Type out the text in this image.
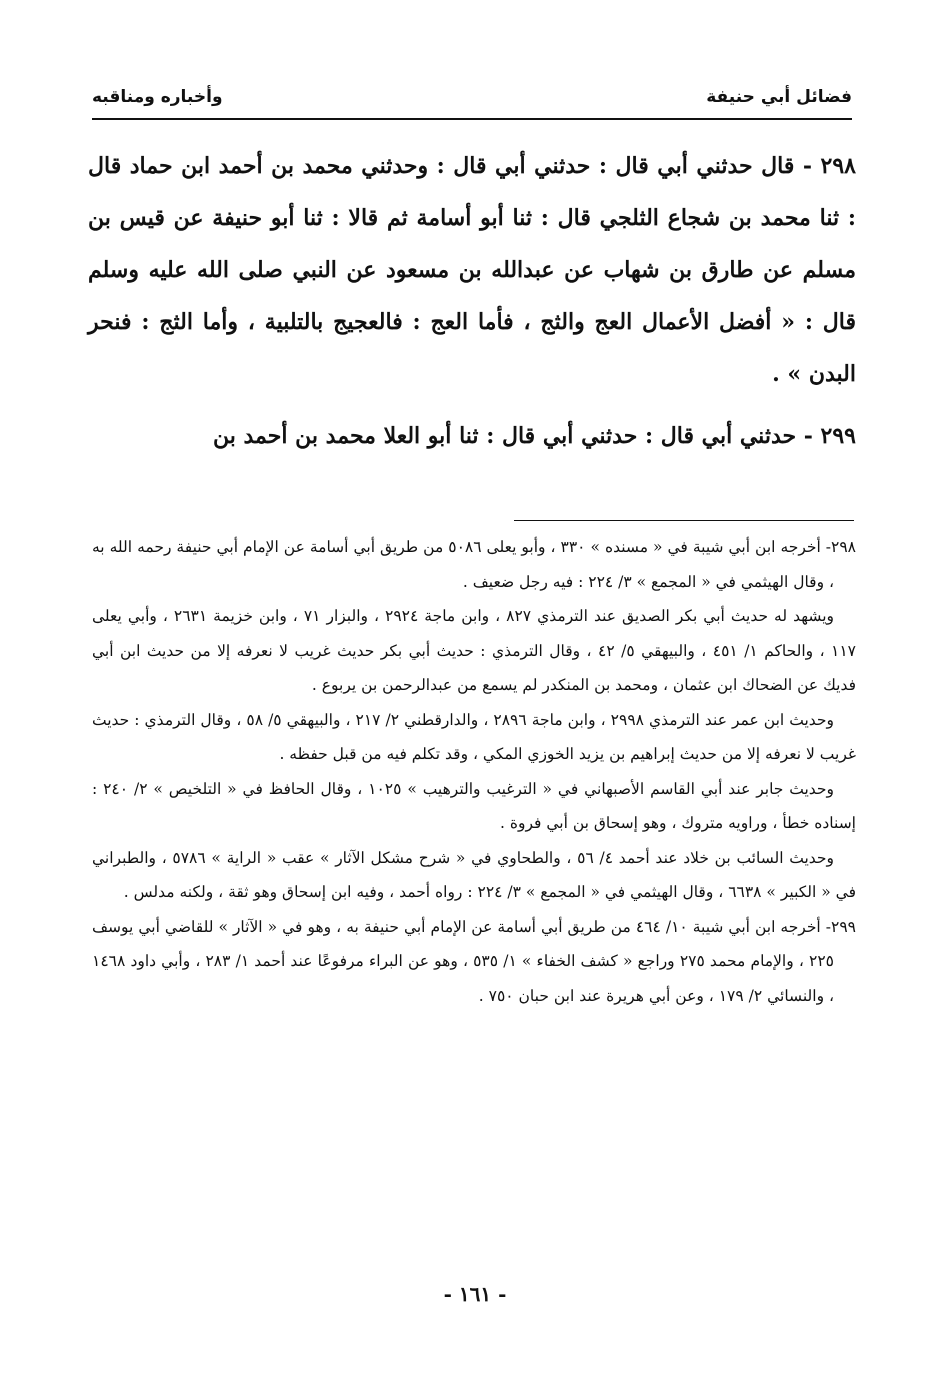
فضائل أبي حنيفة
وأخباره ومناقبه

٢٩٨ - قال حدثني أبي قال : حدثني أبي قال : وحدثني محمد بن أحمد ابن حماد قال : ثنا محمد بن شجاع الثلجي قال : ثنا أبو أسامة ثم قالا : ثنا أبو حنيفة عن قيس بن مسلم عن طارق بن شهاب عن عبدالله بن مسعود عن النبي صلى الله عليه وسلم قال : « أفضل الأعمال العج والثج ، فأما العج : فالعجيج بالتلبية ، وأما الثج : فنحر البدن » .

٢٩٩ - حدثني أبي قال : حدثني أبي قال : ثنا أبو العلا محمد بن أحمد بن

٢٩٨- أخرجه ابن أبي شيبة في « مسنده » ٣٣٠ ، وأبو يعلى ٥٠٨٦ من طريق أبي أسامة عن الإمام أبي حنيفة رحمه الله به ، وقال الهيثمي في « المجمع » ٣/ ٢٢٤ : فيه رجل ضعيف .

ويشهد له حديث أبي بكر الصديق عند الترمذي ٨٢٧ ، وابن ماجة ٢٩٢٤ ، والبزار ٧١ ، وابن خزيمة ٢٦٣١ ، وأبي يعلى ١١٧ ، والحاكم ١/ ٤٥١ ، والبيهقي ٥/ ٤٢ ، وقال الترمذي : حديث أبي بكر حديث غريب لا نعرفه إلا من حديث ابن أبي فديك عن الضحاك ابن عثمان ، ومحمد بن المنكدر لم يسمع من عبدالرحمن بن يربوع .

وحديث ابن عمر عند الترمذي ٢٩٩٨ ، وابن ماجة ٢٨٩٦ ، والدارقطني ٢/ ٢١٧ ، والبيهقي ٥/ ٥٨ ، وقال الترمذي : حديث غريب لا نعرفه إلا من حديث إبراهيم بن يزيد الخوزي المكي ، وقد تكلم فيه من قبل حفظه .

وحديث جابر عند أبي القاسم الأصبهاني في « الترغيب والترهيب » ١٠٢٥ ، وقال الحافظ في « التلخيص » ٢/ ٢٤٠ : إسناده خطأ ، وراويه متروك ، وهو إسحاق بن أبي فروة .

وحديث السائب بن خلاد عند أحمد ٤/ ٥٦ ، والطحاوي في « شرح مشكل الآثار » عقب « الراية » ٥٧٨٦ ، والطبراني في « الكبير » ٦٦٣٨ ، وقال الهيثمي في « المجمع » ٣/ ٢٢٤ : رواه أحمد ، وفيه ابن إسحاق وهو ثقة ، ولكنه مدلس .

٢٩٩- أخرجه ابن أبي شيبة ١٠/ ٤٦٤ من طريق أبي أسامة عن الإمام أبي حنيفة به ، وهو في « الآثار » للقاضي أبي يوسف ٢٢٥ ، والإمام محمد ٢٧٥ وراجع « كشف الخفاء » ١/ ٥٣٥ ، وهو عن البراء مرفوعًا عند أحمد ١/ ٢٨٣ ، وأبي داود ١٤٦٨ ، والنسائي ٢/ ١٧٩ ، وعن أبي هريرة عند ابن حبان ٧٥٠ .

- ١٦١ -
